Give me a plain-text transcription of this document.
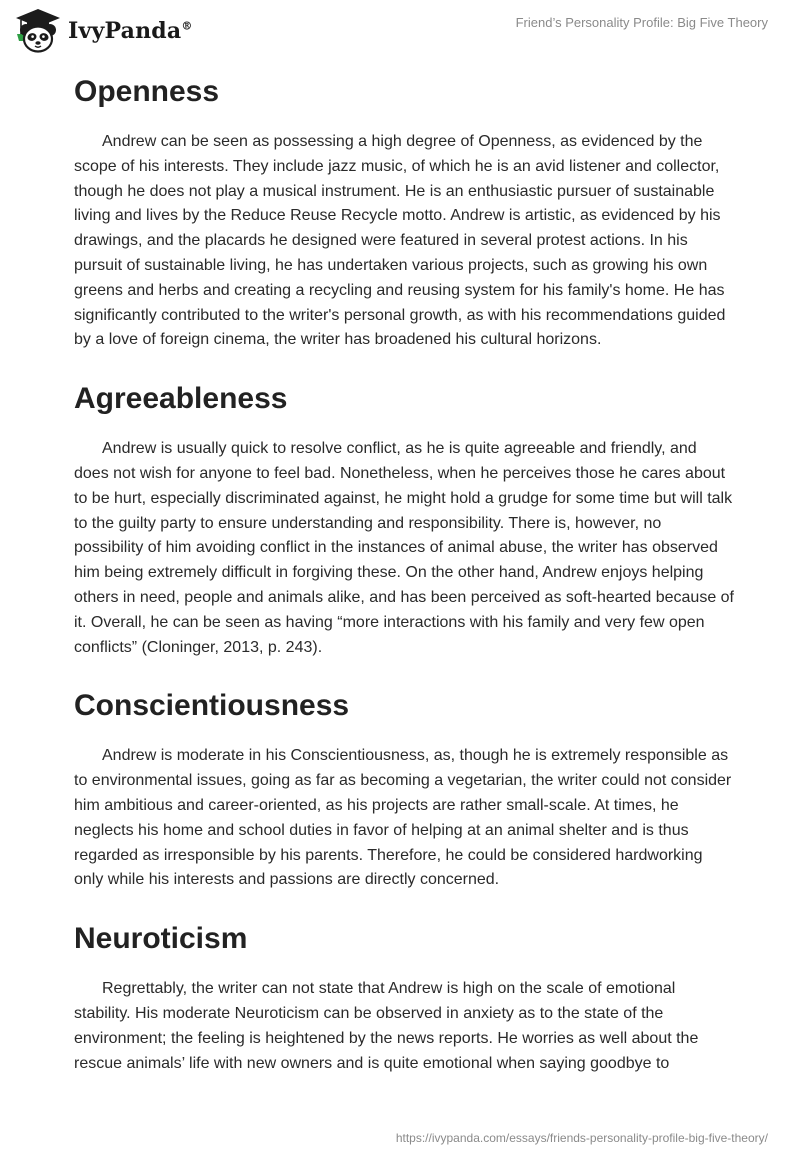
IvyPanda®	Friend’s Personality Profile: Big Five Theory
Openness

Andrew can be seen as possessing a high degree of Openness, as evidenced by the scope of his interests. They include jazz music, of which he is an avid listener and collector, though he does not play a musical instrument. He is an enthusiastic pursuer of sustainable living and lives by the Reduce Reuse Recycle motto. Andrew is artistic, as evidenced by his drawings, and the placards he designed were featured in several protest actions. In his pursuit of sustainable living, he has undertaken various projects, such as growing his own greens and herbs and creating a recycling and reusing system for his family's home. He has significantly contributed to the writer's personal growth, as with his recommendations guided by a love of foreign cinema, the writer has broadened his cultural horizons.

Agreeableness

Andrew is usually quick to resolve conflict, as he is quite agreeable and friendly, and does not wish for anyone to feel bad. Nonetheless, when he perceives those he cares about to be hurt, especially discriminated against, he might hold a grudge for some time but will talk to the guilty party to ensure understanding and responsibility. There is, however, no possibility of him avoiding conflict in the instances of animal abuse, the writer has observed him being extremely difficult in forgiving these. On the other hand, Andrew enjoys helping others in need, people and animals alike, and has been perceived as soft-hearted because of it. Overall, he can be seen as having “more interactions with his family and very few open conflicts” (Cloninger, 2013, p. 243).

Conscientiousness

Andrew is moderate in his Conscientiousness, as, though he is extremely responsible as to environmental issues, going as far as becoming a vegetarian, the writer could not consider him ambitious and career-oriented, as his projects are rather small-scale. At times, he neglects his home and school duties in favor of helping at an animal shelter and is thus regarded as irresponsible by his parents. Therefore, he could be considered hardworking only while his interests and passions are directly concerned.

Neuroticism

Regrettably, the writer can not state that Andrew is high on the scale of emotional stability. His moderate Neuroticism can be observed in anxiety as to the state of the environment; the feeling is heightened by the news reports. He worries as well about the rescue animals’ life with new owners and is quite emotional when saying goodbye to

https://ivypanda.com/essays/friends-personality-profile-big-five-theory/
